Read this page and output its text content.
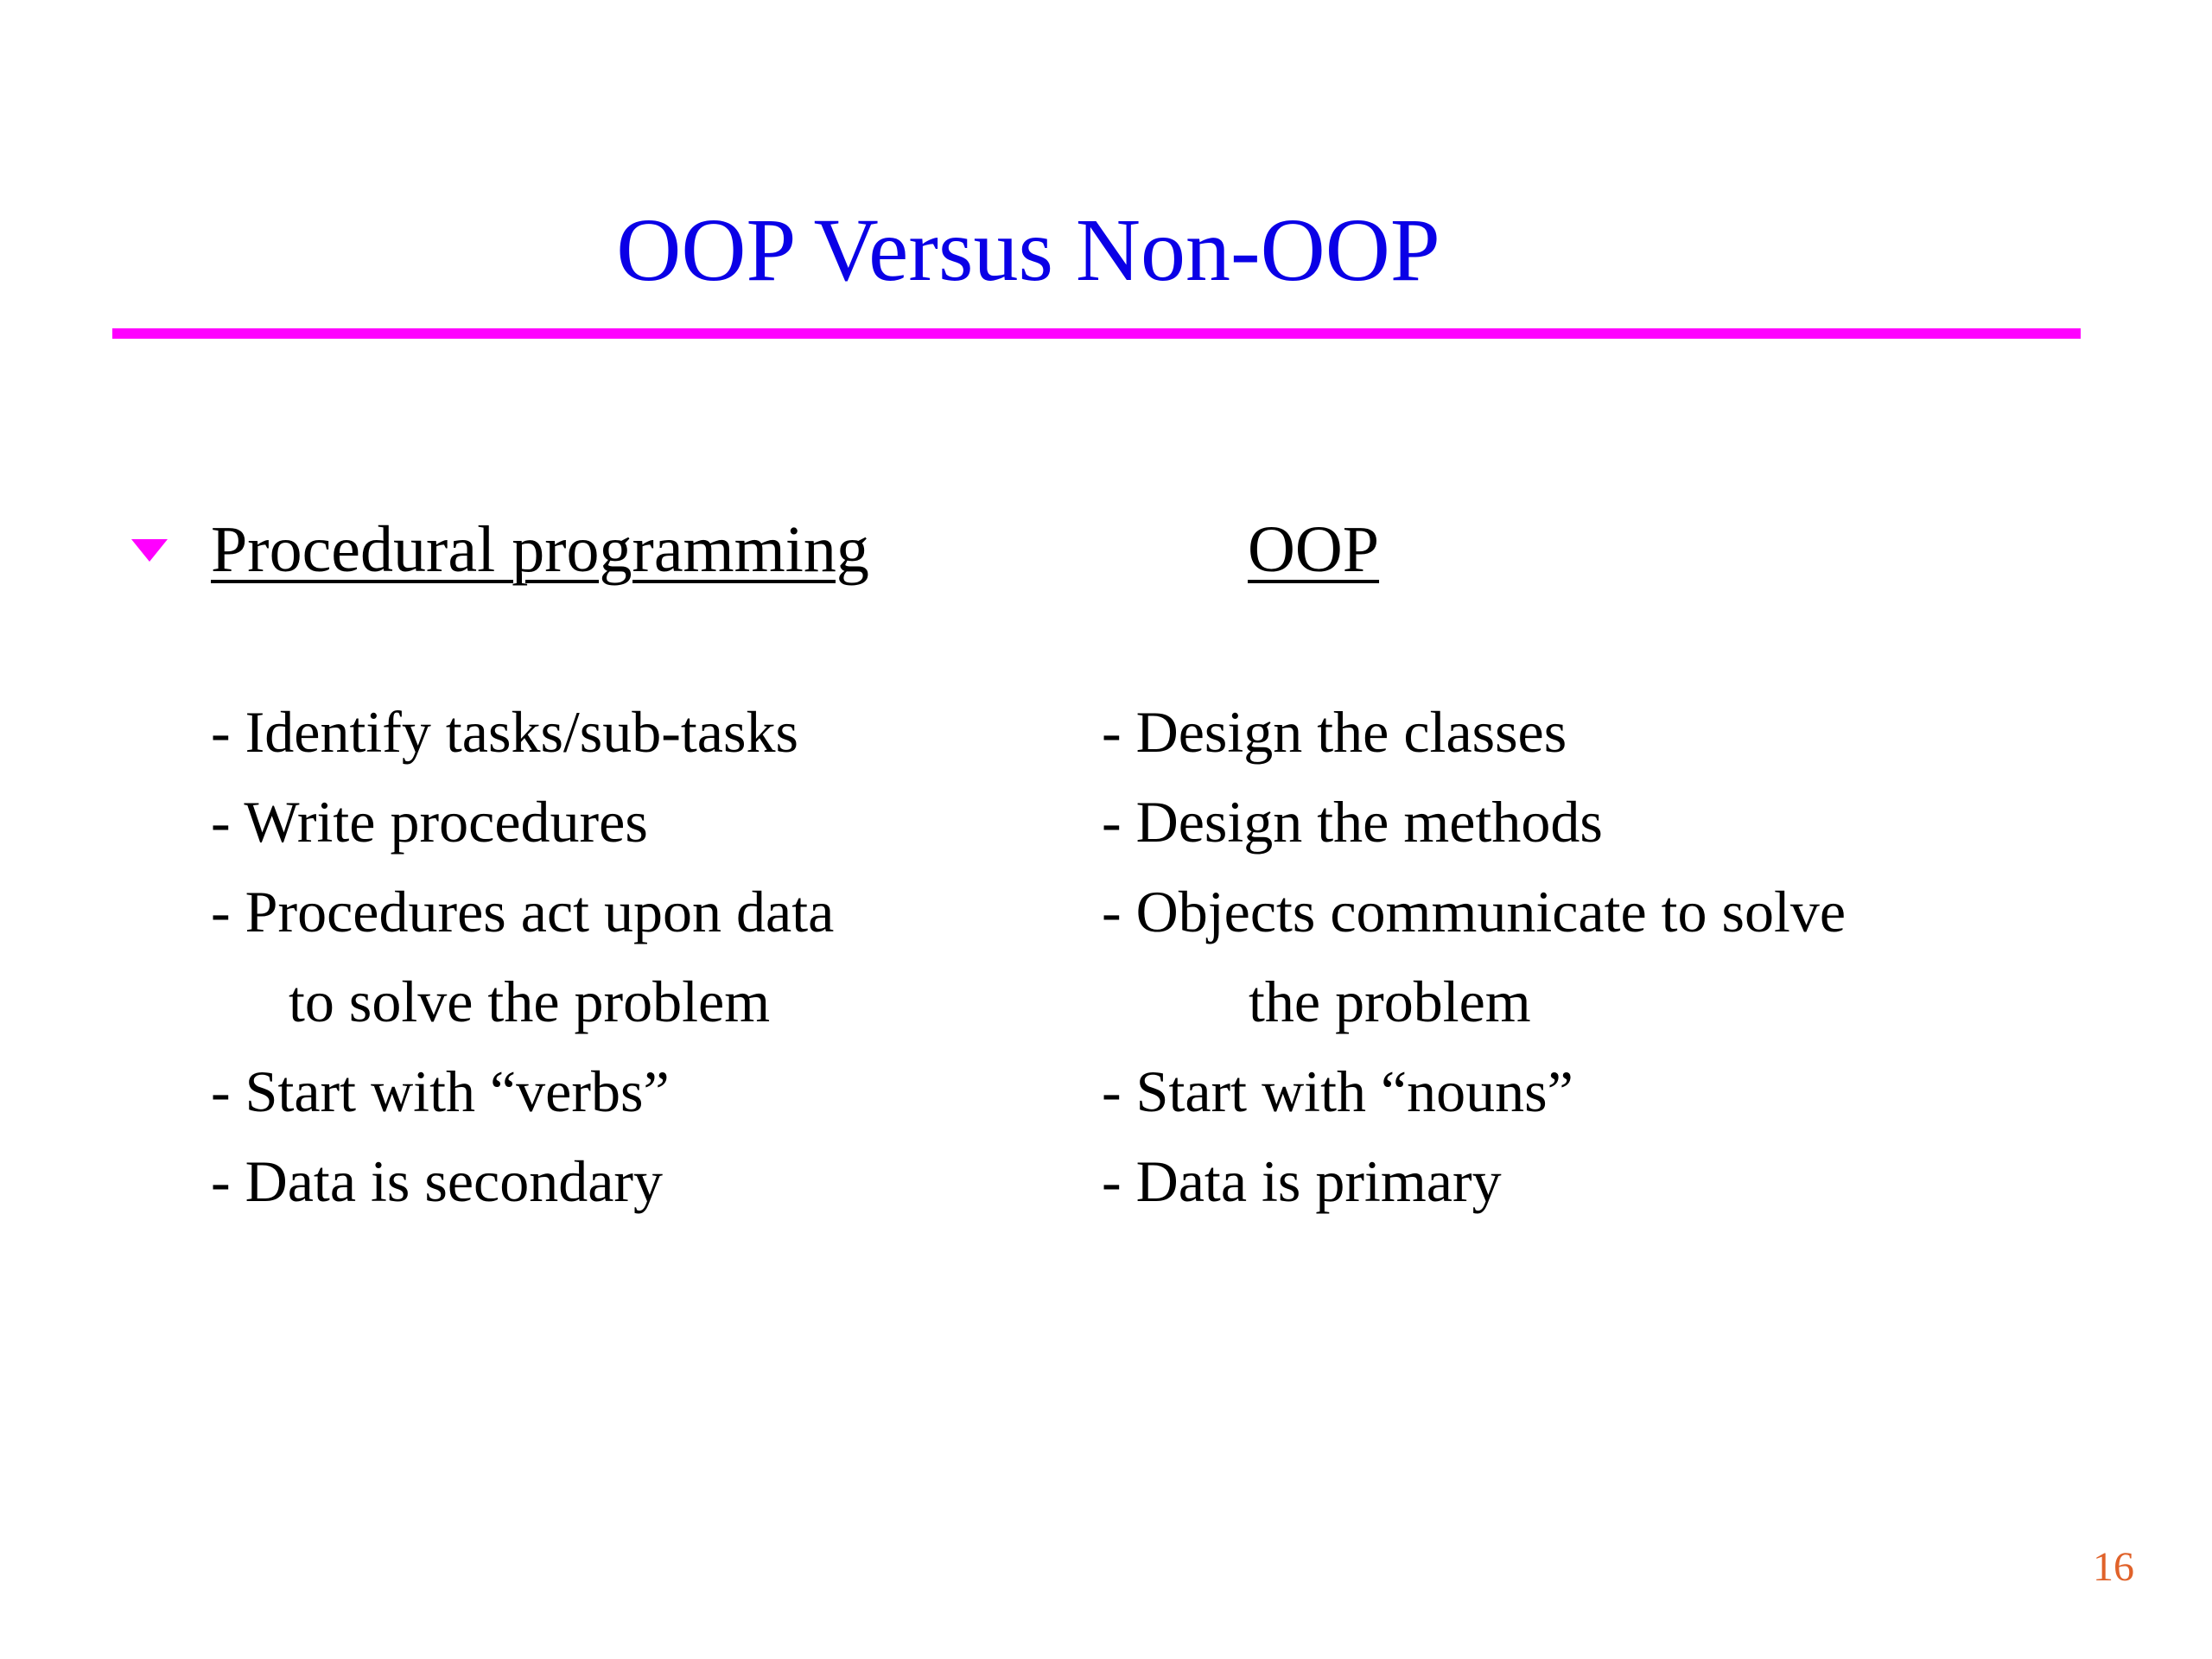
OOP Versus Non-OOP
Procedural programming	OOP
- Identify tasks/sub-tasks
- Write procedures
- Procedures act upon data
to solve the problem
- Start with “verbs”
- Data is secondary
- Design the classes
- Design the methods
- Objects communicate to solve
the problem
- Start with “nouns”
- Data is primary
16
